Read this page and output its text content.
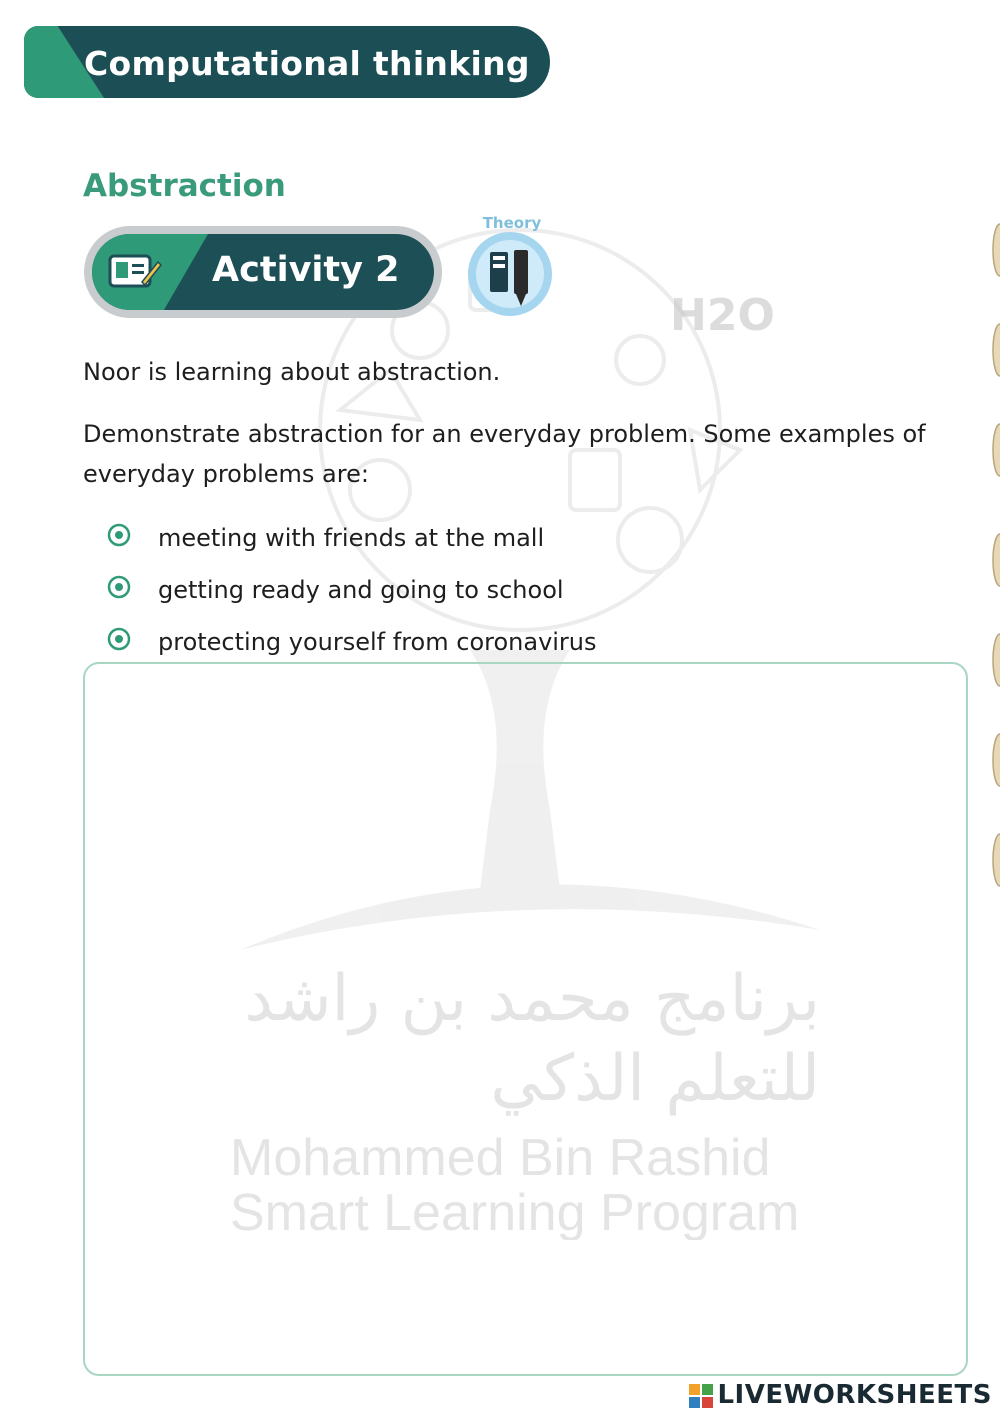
Computational thinking
H2O
برنامج محمد بن راشد
للتعلم الذكي
Mohammed Bin Rashid
Smart Learning Program
Abstraction
Activity 2
Theory
Noor is learning about abstraction.
Demonstrate abstraction for an everyday problem. Some examples of
everyday problems are:
meeting with friends at the mall
getting ready and going to school
protecting yourself from coronavirus
LIVEWORKSHEETS
